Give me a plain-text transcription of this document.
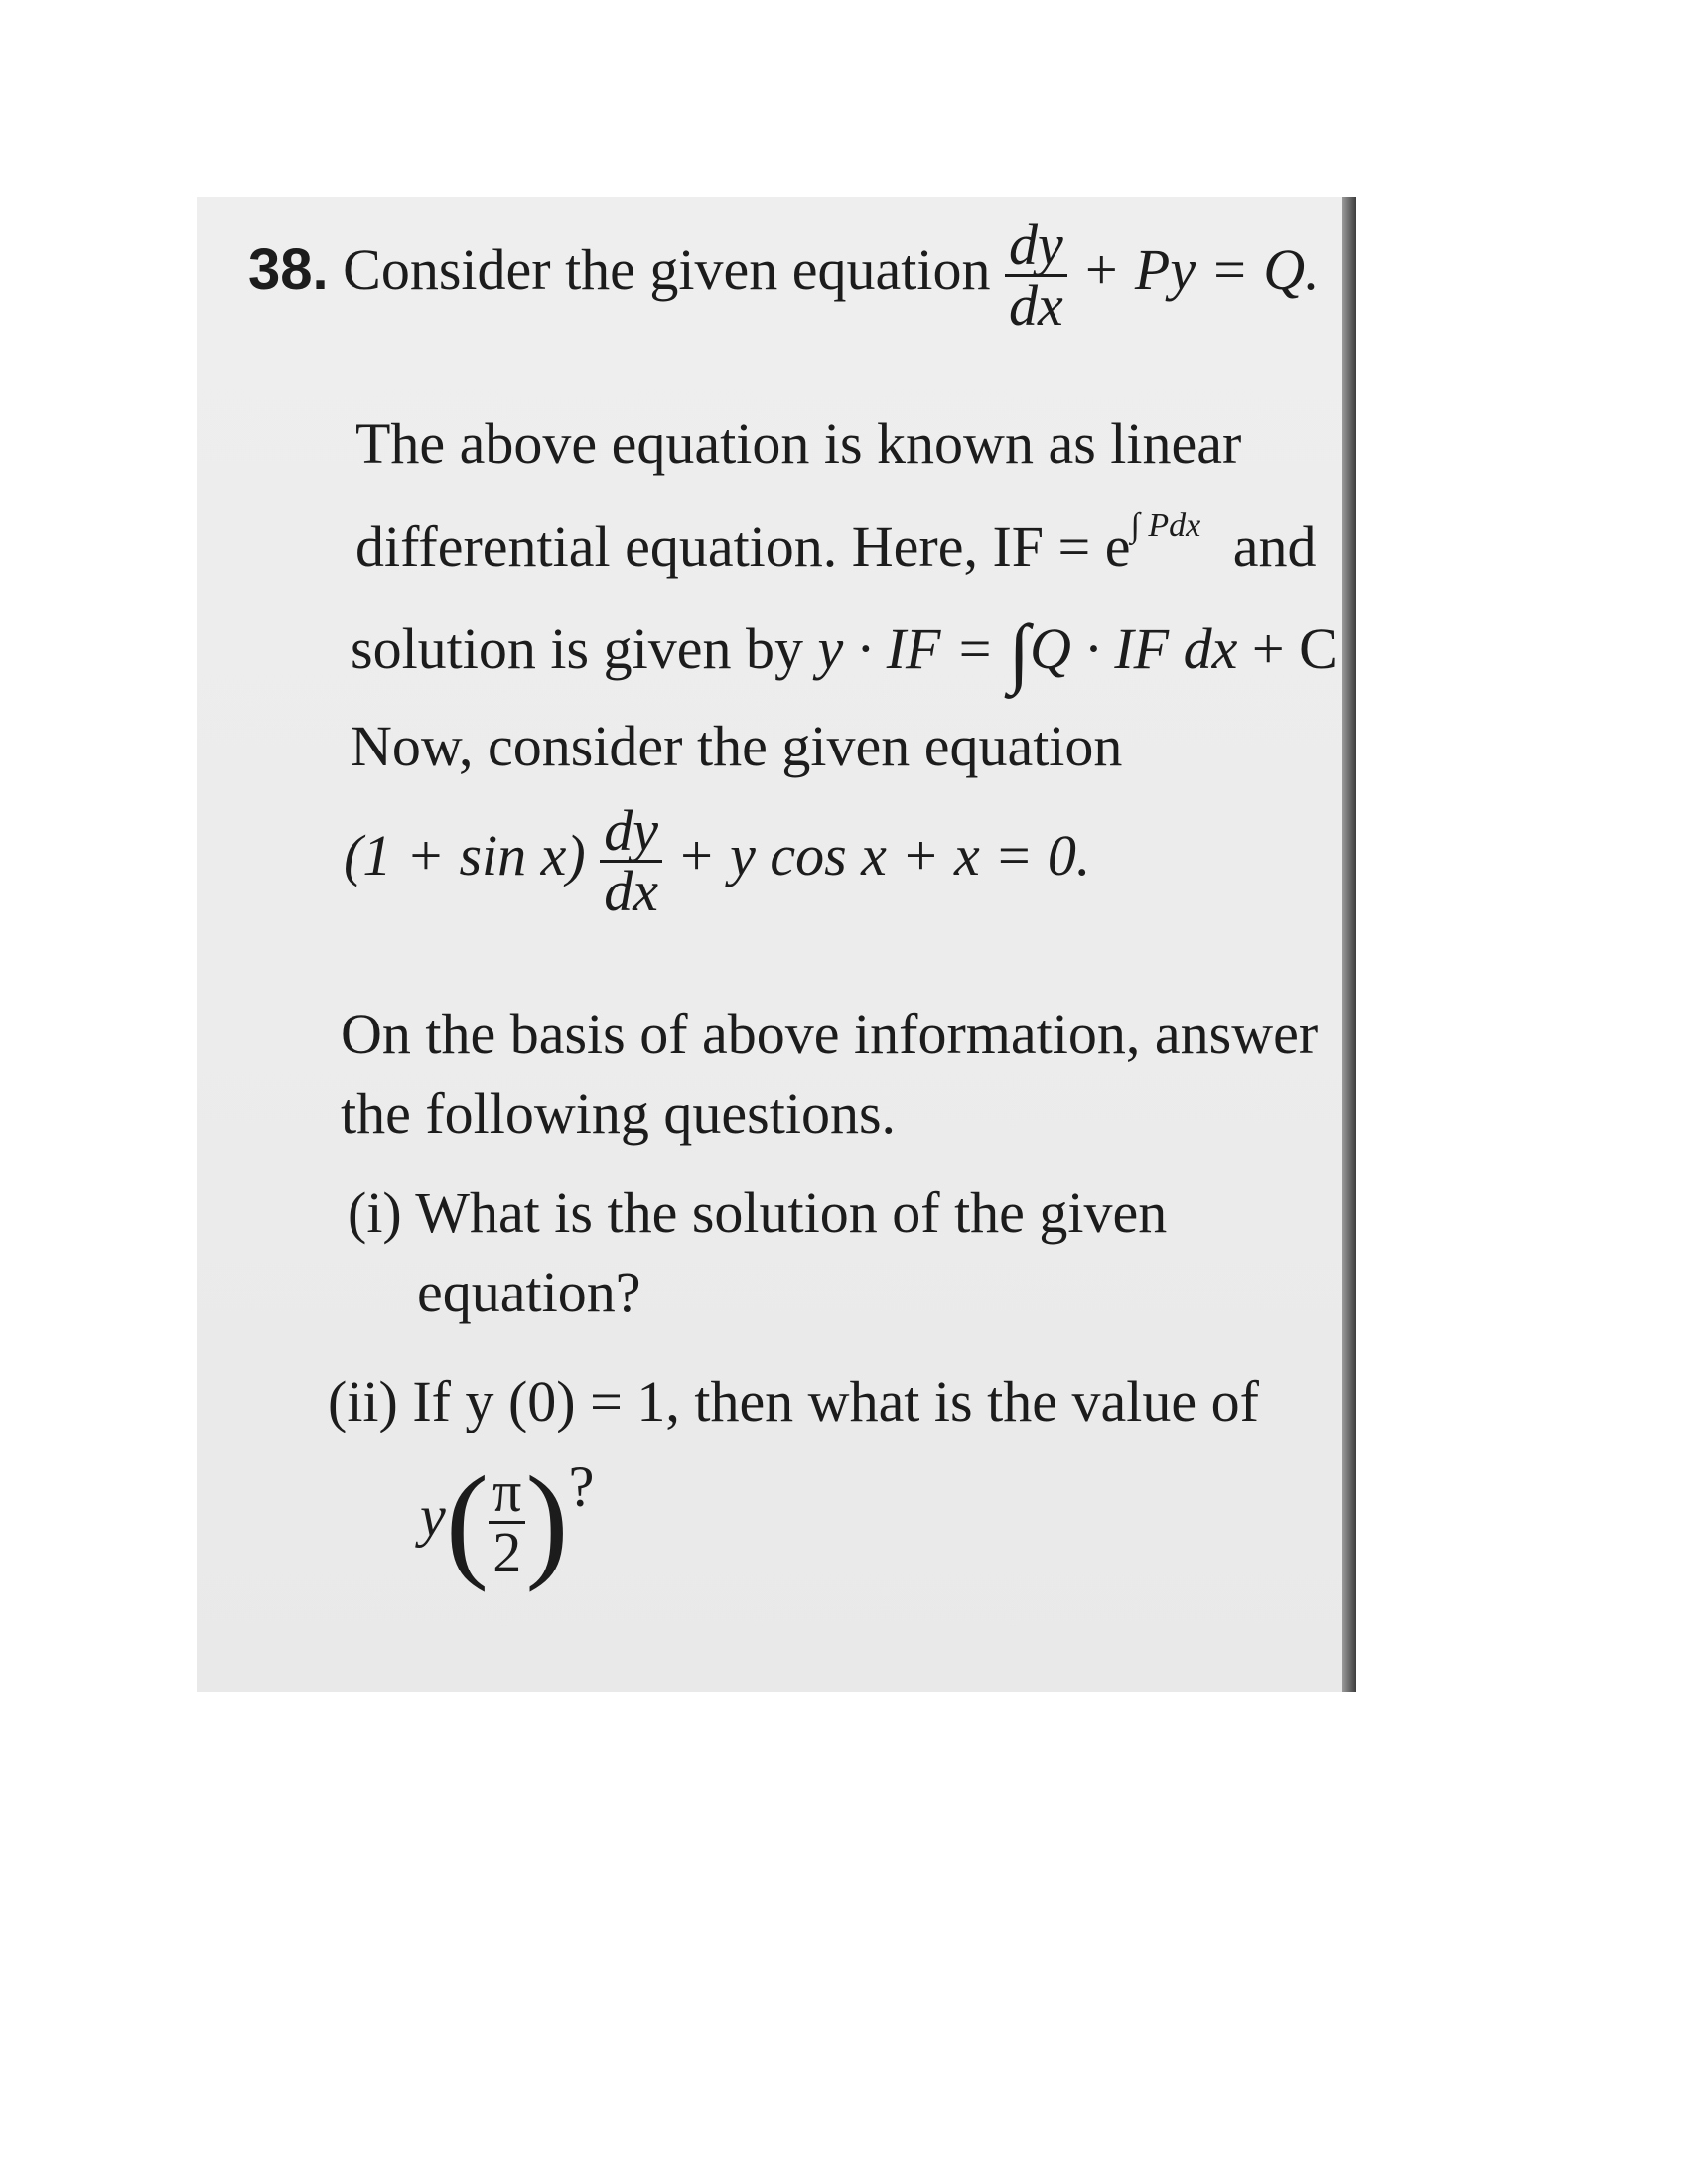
38. Consider the given equation $\frac{dy}{dx} + Py = Q$.
The above equation is known as linear
differential equation. Here, IF = $e^{\int Pdx}$ and
solution is given by y · IF = ∫Q · IF dx + C
Now, consider the given equation
$(1 + \sin x) \frac{dy}{dx} + y$ cos x + x = 0.
On the basis of above information, answer
the following questions.
(i) What is the solution of the given
equation?
(ii) If y (0) = 1, then what is the value of
$y( \frac{\pi}{2}$ )?
